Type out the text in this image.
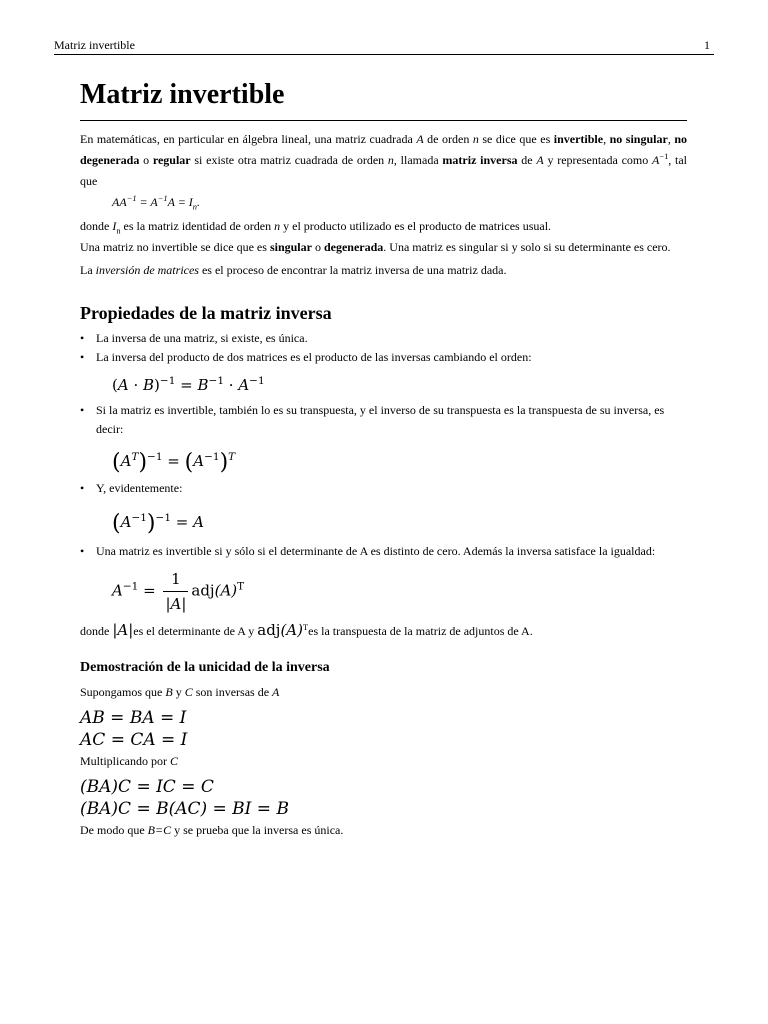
Matriz invertible	1
Matriz invertible

En matemáticas, en particular en álgebra lineal, una matriz cuadrada A de orden n se dice que es invertible, no singular, no degenerada o regular si existe otra matriz cuadrada de orden n, llamada matriz inversa de A y representada como $A^{-1}$, tal que

$AA^{-1} = A^{-1}A = I_n$.

donde $I_n$ es la matriz identidad de orden n y el producto utilizado es el producto de matrices usual.

Una matriz no invertible se dice que es singular o degenerada. Una matriz es singular si y solo si su determinante es cero.

La inversión de matrices es el proceso de encontrar la matriz inversa de una matriz dada.

Propiedades de la matriz inversa
• La inversa de una matriz, si existe, es única.
• La inversa del producto de dos matrices es el producto de las inversas cambiando el orden:

$(A \cdot B)^{-1} = B^{-1} \cdot A^{-1}$

• Si la matriz es invertible, también lo es su transpuesta, y el inverso de su transpuesta es la transpuesta de su inversa, es decir:

$(A^T)^{-1} = (A^{-1})^T$

• Y, evidentemente:

$(A^{-1})^{-1} = A$

• Una matriz es invertible si y sólo si el determinante de A es distinto de cero. Además la inversa satisface la igualdad:

$A^{-1} = \frac{1}{|A|} adj(A)^T$

donde |A|es el determinante de A y $adj(A)^Tes$ la transpuesta de la matriz de adjuntos de A.

Demostración de la unicidad de la inversa

Supongamos que B y C son inversas de A

AB = BA = I

AC = CA = I

Multiplicando por C

(BA)C = IC = C

(BA)C = B(AC) = BI = B

De modo que B=C y se prueba que la inversa es única.
